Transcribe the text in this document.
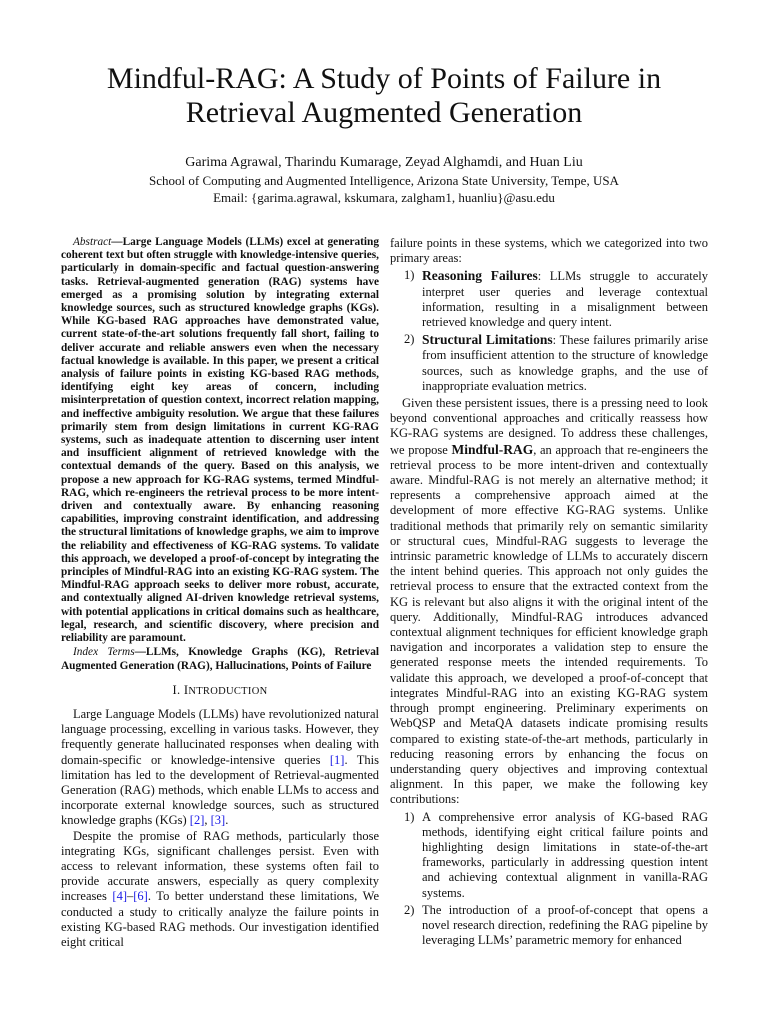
Mindful-RAG: A Study of Points of Failure in
Retrieval Augmented Generation
Garima Agrawal, Tharindu Kumarage, Zeyad Alghamdi, and Huan Liu
School of Computing and Augmented Intelligence, Arizona State University, Tempe, USA
Email: {garima.agrawal, kskumara, zalgham1, huanliu}@asu.edu

Abstract—Large Language Models (LLMs) excel at generating coherent text but often struggle with knowledge-intensive queries, particularly in domain-specific and factual question-answering tasks. Retrieval-augmented generation (RAG) systems have emerged as a promising solution by integrating external knowledge sources, such as structured knowledge graphs (KGs). While KG-based RAG approaches have demonstrated value, current state-of-the-art solutions frequently fall short, failing to deliver accurate and reliable answers even when the necessary factual knowledge is available. In this paper, we present a critical analysis of failure points in existing KG-based RAG methods, identifying eight key areas of concern, including misinterpretation of question context, incorrect relation mapping, and ineffective ambiguity resolution. We argue that these failures primarily stem from design limitations in current KG-RAG systems, such as inadequate attention to discerning user intent and insufficient alignment of retrieved knowledge with the contextual demands of the query. Based on this analysis, we propose a new approach for KG-RAG systems, termed Mindful-RAG, which re-engineers the retrieval process to be more intent-driven and contextually aware. By enhancing reasoning capabilities, improving constraint identification, and addressing the structural limitations of knowledge graphs, we aim to improve the reliability and effectiveness of KG-RAG systems. To validate this approach, we developed a proof-of-concept by integrating the principles of Mindful-RAG into an existing KG-RAG system. The Mindful-RAG approach seeks to deliver more robust, accurate, and contextually aligned AI-driven knowledge retrieval systems, with potential applications in critical domains such as healthcare, legal, research, and scientific discovery, where precision and reliability are paramount.

Index Terms—LLMs, Knowledge Graphs (KG), Retrieval Augmented Generation (RAG), Hallucinations, Points of Failure

I. INTRODUCTION

Large Language Models (LLMs) have revolutionized natural language processing, excelling in various tasks. However, they frequently generate hallucinated responses when dealing with domain-specific or knowledge-intensive queries [1]. This limitation has led to the development of Retrieval-augmented Generation (RAG) methods, which enable LLMs to access and incorporate external knowledge sources, such as structured knowledge graphs (KGs) [2], [3].

Despite the promise of RAG methods, particularly those integrating KGs, significant challenges persist. Even with access to relevant information, these systems often fail to provide accurate answers, especially as query complexity increases [4]–[6]. To better understand these limitations, We conducted a study to critically analyze the failure points in existing KG-based RAG methods. Our investigation identified eight critical

failure points in these systems, which we categorized into two primary areas:

1) Reasoning Failures: LLMs struggle to accurately interpret user queries and leverage contextual information, resulting in a misalignment between retrieved knowledge and query intent.
2) Structural Limitations: These failures primarily arise from insufficient attention to the structure of knowledge sources, such as knowledge graphs, and the use of inappropriate evaluation metrics.

Given these persistent issues, there is a pressing need to look beyond conventional approaches and critically reassess how KG-RAG systems are designed. To address these challenges, we propose Mindful-RAG, an approach that re-engineers the retrieval process to be more intent-driven and contextually aware. Mindful-RAG is not merely an alternative method; it represents a comprehensive approach aimed at the development of more effective KG-RAG systems. Unlike traditional methods that primarily rely on semantic similarity or structural cues, Mindful-RAG suggests to leverage the intrinsic parametric knowledge of LLMs to accurately discern the intent behind queries. This approach not only guides the retrieval process to ensure that the extracted context from the KG is relevant but also aligns it with the original intent of the query. Additionally, Mindful-RAG introduces advanced contextual alignment techniques for efficient knowledge graph navigation and incorporates a validation step to ensure the generated response meets the intended requirements. To validate this approach, we developed a proof-of-concept that integrates Mindful-RAG into an existing KG-RAG system through prompt engineering. Preliminary experiments on WebQSP and MetaQA datasets indicate promising results compared to existing state-of-the-art methods, particularly in reducing reasoning errors by enhancing the focus on understanding query objectives and improving contextual alignment. In this paper, we make the following key contributions:

1) A comprehensive error analysis of KG-based RAG methods, identifying eight critical failure points and highlighting design limitations in state-of-the-art frameworks, particularly in addressing question intent and achieving contextual alignment in vanilla-RAG systems.
2) The introduction of a proof-of-concept that opens a novel research direction, redefining the RAG pipeline by leveraging LLMs’ parametric memory for enhanced
